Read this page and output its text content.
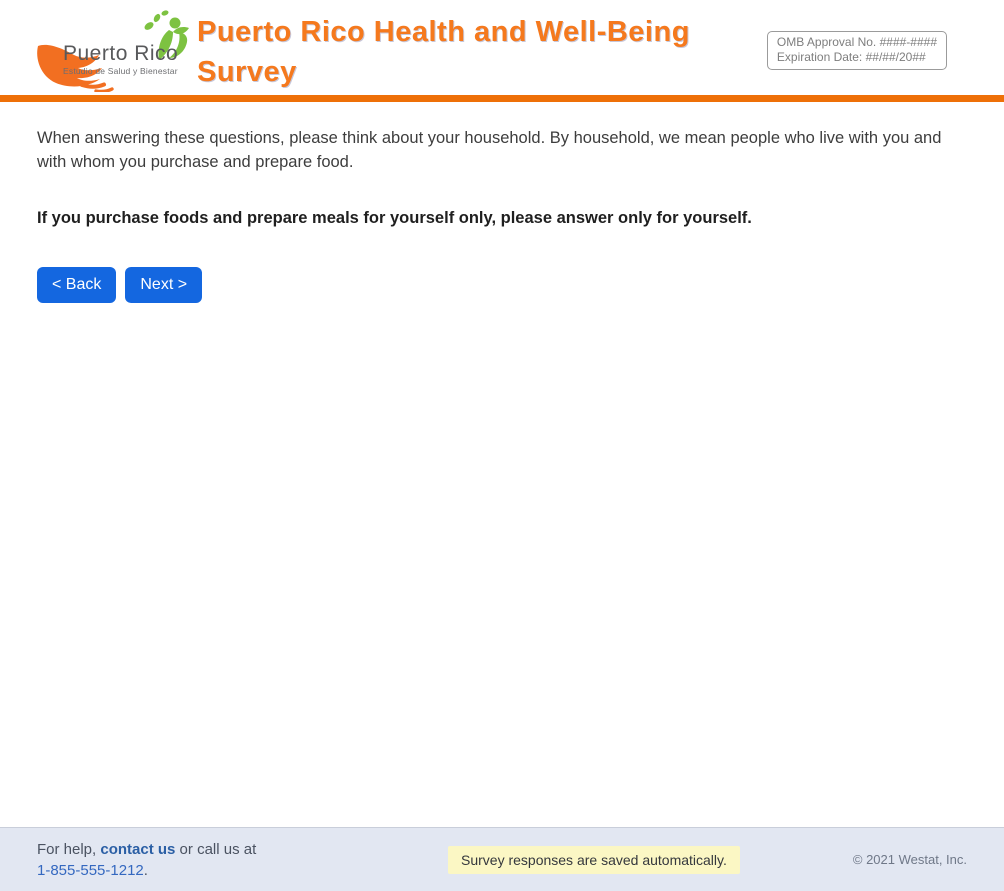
Puerto Rico
Estudio de Salud y Bienestar
Puerto Rico Health and Well-Being Survey
OMB Approval No. ####-####
Expiration Date: ##/##/20##

When answering these questions, please think about your household. By household, we mean people who live with you and with whom you purchase and prepare food.

If you purchase foods and prepare meals for yourself only, please answer only for yourself.

< Back	Next >
For help, contact us or call us at
1-855-555-1212.
Survey responses are saved automatically.	© 2021 Westat, Inc.
